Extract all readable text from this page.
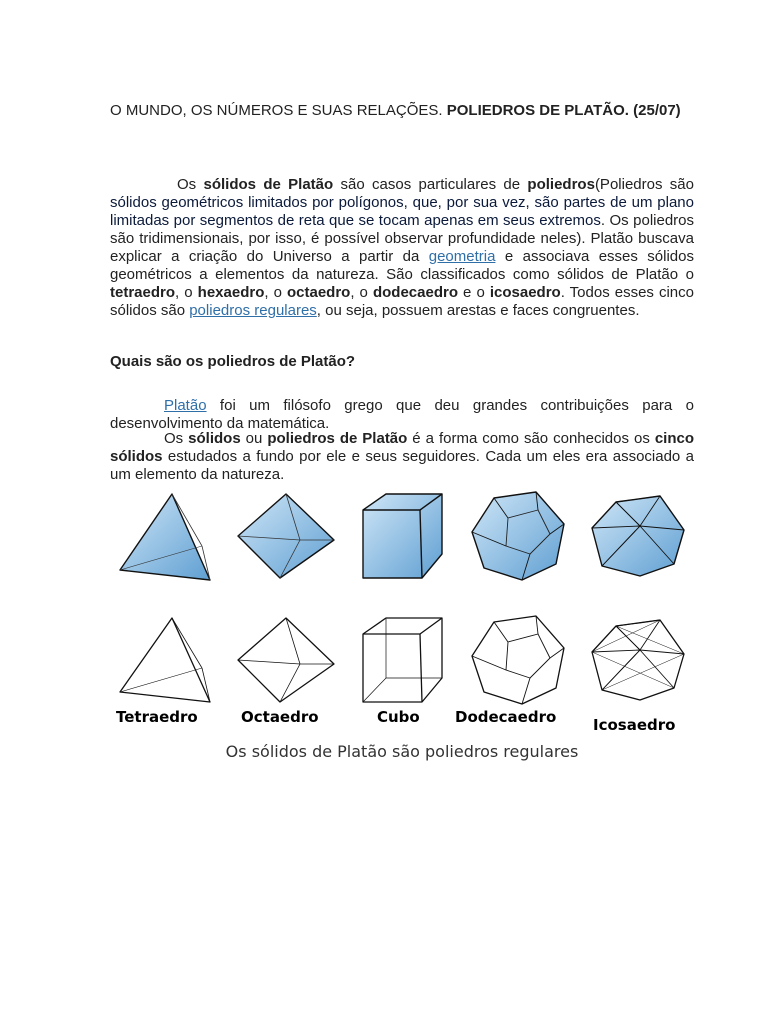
O MUNDO, OS NÚMEROS E SUAS RELAÇÕES. POLIEDROS DE PLATÃO. (25/07)

Os sólidos de Platão são casos particulares de poliedros(Poliedros são sólidos geométricos limitados por polígonos, que, por sua vez, são partes de um plano limitadas por segmentos de reta que se tocam apenas em seus extremos. Os poliedros são tridimensionais, por isso, é possível observar profundidade neles). Platão buscava explicar a criação do Universo a partir da geometria e associava esses sólidos geométricos a elementos da natureza. São classificados como sólidos de Platão o tetraedro, o hexaedro, o octaedro, o dodecaedro e o icosaedro. Todos esses cinco sólidos são poliedros regulares, ou seja, possuem arestas e faces congruentes.

Quais são os poliedros de Platão?

Platão foi um filósofo grego que deu grandes contribuições para o desenvolvimento da matemática.

Os sólidos ou poliedros de Platão é a forma como são conhecidos os cinco sólidos estudados a fundo por ele e seus seguidores. Cada um eles era associado a um elemento da natureza.

Tetraedro	Octaedro	Cubo Dodecaedro Icosaedro
Os sólidos de Platão são poliedros regulares
